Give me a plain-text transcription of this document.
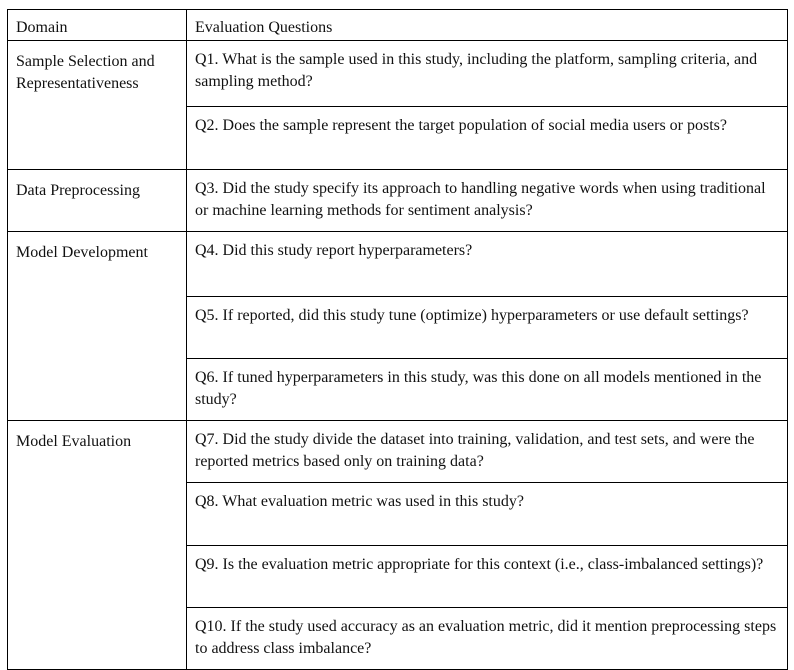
Domain	Evaluation Questions
Sample Selection and Representativeness	Q1. What is the sample used in this study, including the platform, sampling criteria, and sampling method?

	Q2. Does the sample represent the target population of social media users or posts?

Data Preprocessing	Q3. Did the study specify its approach to handling negative words when using traditional or machine learning methods for sentiment analysis?

Model Development	Q4. Did this study report hyperparameters?

	Q5. If reported, did this study tune (optimize) hyperparameters or use default settings?

	Q6. If tuned hyperparameters in this study, was this done on all models mentioned in the study?

Model Evaluation	Q7. Did the study divide the dataset into training, validation, and test sets, and were the reported metrics based only on training data?

	Q8. What evaluation metric was used in this study?

	Q9. Is the evaluation metric appropriate for this context (i.e., class-imbalanced settings)?

	Q10. If the study used accuracy as an evaluation metric, did it mention preprocessing steps to address class imbalance?
